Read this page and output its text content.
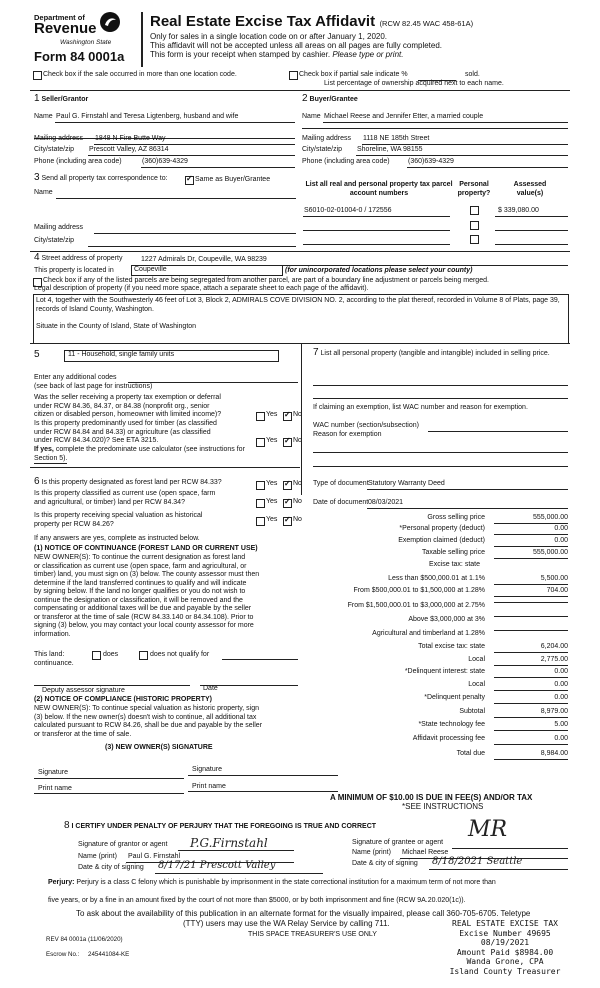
Department of
Revenue
Washington State
Form 84 0001a
Real Estate Excise Tax Affidavit (RCW 82.45 WAC 458-61A)
Only for sales in a single location code on or after January 1, 2020.
This affidavit will not be accepted unless all areas on all pages are fully completed.
This form is your receipt when stamped by cashier. Please type or print.
Check box if the sale occurred in more than one location code.	Check box if partial sale indicate %	sold.
List percentage of ownership acquired next to each name.
1 Seller/Grantor
Name Paul G. Firnstahl and Teresa Ligtenberg, husband and wife
Mailing address 1848 N Fire Butte Way
City/state/zip Prescott Valley, AZ 86314
Phone (including area code)	(360)639-4329
2 Buyer/Grantee
Name Michael Reese and Jennifer Etter, a married couple
Mailing address 1118 NE 185th Street
City/state/zip Shoreline, WA 98155
Phone (including area code)	(360)639-4329
3 Send all property tax correspondence to: ✓	Same as Buyer/Grantee
Name
Mailing address
City/state/zip
List all real and personal property tax parcel account numbers
Personal property?
Assessed value(s)
S6010-02-01004-0 / 172556	$ 339,080.00
4 Street address of property	1227 Admirals Dr, Coupeville, WA 98239
This property is located in	Coupeville	(for unincorporated locations please select your county)
Check box if any of the listed parcels are being segregated from another parcel, are part of a boundary line adjustment or parcels being merged.
Legal description of property (if you need more space, attach a separate sheet to each page of the affidavit).
Lot 4, together with the Southwesterly 46 feet of Lot 3, Block 2, ADMIRALS COVE DIVISION NO. 2, according to the plat thereof, recorded in Volume 8 of Plats, page 39, records of Island County, Washington.
Situate in the County of Island, State of Washington
5	11 - Household, single family units
Enter any additional codes
(see back of last page for instructions)
Was the seller receiving a property tax exemption or deferral
under RCW 84.36, 84.37, or 84.38 (nonprofit org., senior
citizen or disabled person, homeowner with limited income)?	Yes ✓ No
Is this property predominantly used for timber (as classified
under RCW 84.84 and 84.33) or agriculture (as classified
under RCW 84.34.020)? See ETA 3215.	Yes ✓ No
If yes, complete the predominate use calculator (see instructions for
Section 5).
6 Is this property designated as forest land per RCW 84.33?	Yes ✓ No
Is this property classified as current use (open space, farm
and agricultural, or timber) land per RCW 84.34?	Yes ✓ No
Is this property receiving special valuation as historical
property per RCW 84.26?
Yes ✓ No
If any answers are yes, complete as instructed below.
(1) NOTICE OF CONTINUANCE (FOREST LAND OR CURRENT USE)
NEW OWNER(S): To continue the current designation as forest land
or classification as current use (open space, farm and agricultural, or
timber) land, you must sign on (3) below. The county assessor must then
determine if the land transferred continues to qualify and will indicate
by signing below. If the land no longer qualifies or you do not wish to
continue the designation or classification, it will be removed and the
compensating or additional taxes will be due and payable by the seller
or transferor at the time of sale (RCW 84.33.140 or 84.34.108). Prior to
signing (3) below, you may contact your local county assessor for more
information.
This land:	does	does not qualify for
continuance.
Deputy assessor signature	Date
(2) NOTICE OF COMPLIANCE (HISTORIC PROPERTY)
NEW OWNER(S): To continue special valuation as historic property, sign
(3) below. If the new owner(s) doesn't wish to continue, all additional tax
calculated pursuant to RCW 84.26, shall be due and payable by the seller
or transferor at the time of sale.
(3) NEW OWNER(S) SIGNATURE
Signature	Signature
Print name	Print name
7 List all personal property (tangible and intangible) included in selling price.
If claiming an exemption, list WAC number and reason for exemption.
WAC number (section/subsection)
Reason for exemption
Type of document Statutory Warranty Deed
Date of document 08/03/2021
Gross selling price	555,000.00
*Personal property (deduct)	0.00
Exemption claimed (deduct)	0.00
Taxable selling price	555,000.00
Excise tax: state
Less than $500,000.01 at 1.1%	5,500.00
From $500,000.01 to $1,500,000 at 1.28%	704.00
From $1,500,000.01 to $3,000,000 at 2.75%
Above $3,000,000 at 3%
Agricultural and timberland at 1.28%
Total excise tax: state	6,204.00
Local	2,775.00
*Delinquent interest: state	0.00
Local	0.00
*Delinquent penalty	0.00
Subtotal	8,979.00
*State technology fee	5.00
Affidavit processing fee	0.00
Total due	8,984.00
A MINIMUM OF $10.00 IS DUE IN FEE(S) AND/OR TAX
*SEE INSTRUCTIONS
8 I CERTIFY UNDER PENALTY OF PERJURY THAT THE FOREGOING IS TRUE AND CORRECT
Signature of grantor or agent P.G.Firnstahl
Name (print) Paul G. Firnstahl
Date & city of signing 8/17/21 Prescott Valley
Signature of grantee or agent
MR
Name (print) Michael Reese
Date & city of signing 8/18/2021 Seattle
Perjury: Perjury is a class C felony which is punishable by imprisonment in the state correctional institution for a maximum term of not more than
five years, or by a fine in an amount fixed by the court of not more than $5000, or by both imprisonment and fine (RCW 9A.20.020(1c)).
To ask about the availability of this publication in an alternate format for the visually impaired, please call 360-705-6705. Teletype
(TTY) users may use the WA Relay Service by calling 711.
THIS SPACE TREASURER'S USE ONLY
REV 84 0001a (11/06/2020)
Escrow No.: 245441084-KE
REAL ESTATE EXCISE TAX
Excise Number 49695
08/19/2021
Amount Paid $8984.00
Wanda Grone, CPA
Island County Treasurer
